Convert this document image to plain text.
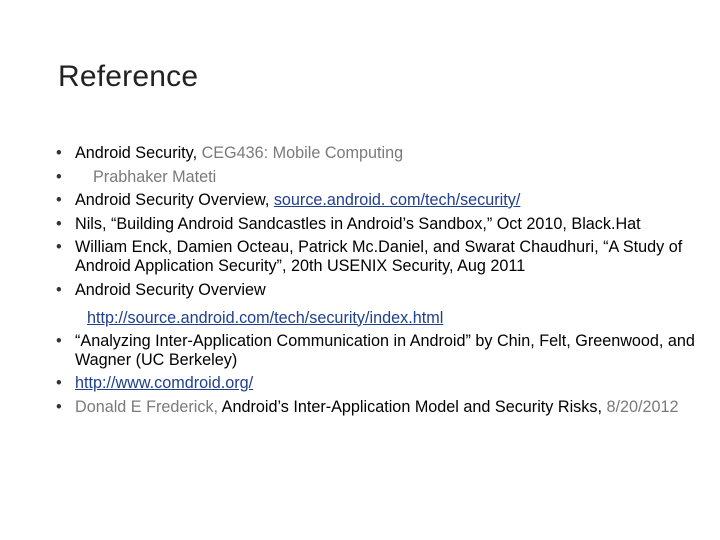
Reference
• Android Security, CEG436: Mobile Computing
• Prabhaker Mateti
• Android Security Overview, source.android. com/tech/security/
• Nils, “Building Android Sandcastles in Android’s Sandbox,” Oct 2010, Black.Hat
• William Enck, Damien Octeau, Patrick Mc.Daniel, and Swarat Chaudhuri, “A Study of Android Application Security”, 20th USENIX Security, Aug 2011
• Android Security Overview
http://source.android.com/tech/security/index.html
• “Analyzing Inter-Application Communication in Android” by Chin, Felt, Greenwood, and Wagner (UC Berkeley)
• http://www.comdroid.org/
• Donald E Frederick, Android’s Inter-Application Model and Security Risks, 8/20/2012
